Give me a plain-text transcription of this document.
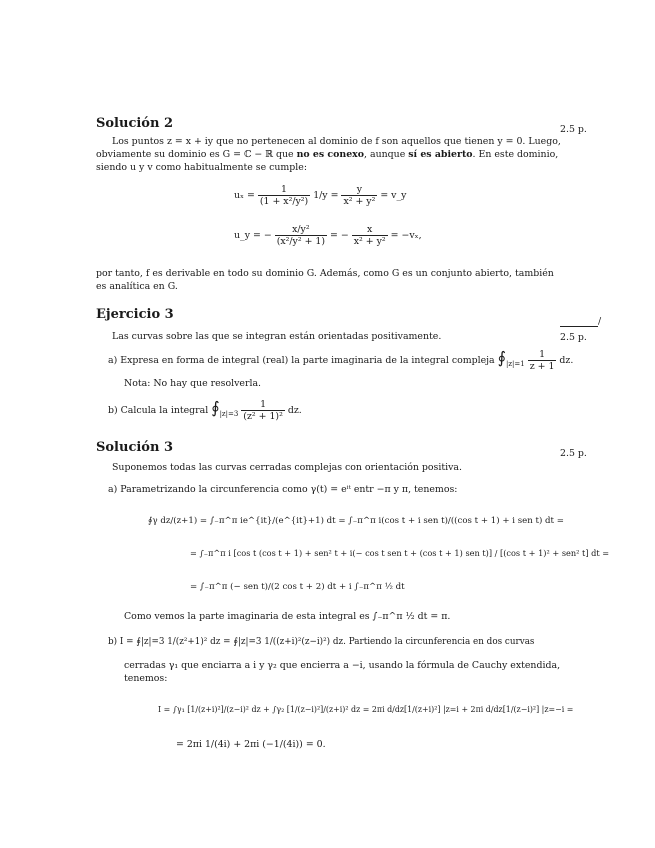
Solución 2	2.5 p.

Los puntos z = x + iy que no pertenecen al dominio de f son aquellos que tienen y = 0. Luego,

obviamente su dominio es G = ℂ − ℝ que no es conexo, aunque sí es abierto. En este dominio,

siendo u y v como habitualmente se cumple:

$u_x = \frac{1}{\text{(1 + x²/y²)}} 1/y = \frac{y}{\text{x² + y²}}$ = v_y
u_y = − $\frac{\text{x/y²}}{\text{(x²/y² + 1)}}$ = − $\frac{x}{\text{x² + y²}} = -v_x$,

por tanto, f es derivable en todo su dominio G. Además, como G es un conjunto abierto, también

es analítica en G.

Ejercicio 3	/
2.5 p.

Las curvas sobre las que se integran están orientadas positivamente.

a) Expresa en forma de integral (real) la parte imaginaria de la integral compleja $∮_{|z|=1} \frac{1}{z + 1}$ dz.

Nota: No hay que resolverla.

b) Calcula la integral $∮_{|z|=3} \frac{1}{\text{(z² + 1)²}}$ dz.
Solución 3	2.5 p.

Suponemos todas las curvas cerradas complejas con orientación positiva.

a) Parametrizando la circunferencia como γ(t) = eⁱᵗ entr −π y π, tenemos:

∮γ dz/(z+1) = ∫₋π^π ie^{it}/(e^{it}+1) dt = ∫₋π^π i(cos t + i sen t)/((cos t + 1) + i sen t) dt =

= ∫₋π^π i [cos t (cos t + 1) + sen² t + i(− cos t sen t + (cos t + 1) sen t)] / [(cos t + 1)² + sen² t] dt =

= ∫₋π^π (− sen t)/(2 cos t + 2) dt + i ∫₋π^π ½ dt

Como vemos la parte imaginaria de esta integral es ∫₋π^π ½ dt = π.

b) I = ∮|z|=3 1/(z²+1)² dz = ∮|z|=3 1/((z+i)²(z−i)²) dz. Partiendo la circunferencia en dos curvas

cerradas γ₁ que enciarra a i y γ₂ que encierra a −i, usando la fórmula de Cauchy extendida,

tenemos:

I = ∫γ₁ [1/(z+i)²]/(z−i)² dz + ∫γ₂ [1/(z−i)²]/(z+i)² dz = 2πi d/dz[1/(z+i)²] |z=i + 2πi d/dz[1/(z−i)²] |z=−i =

= 2πi 1/(4i) + 2πi (−1/(4i)) = 0.
